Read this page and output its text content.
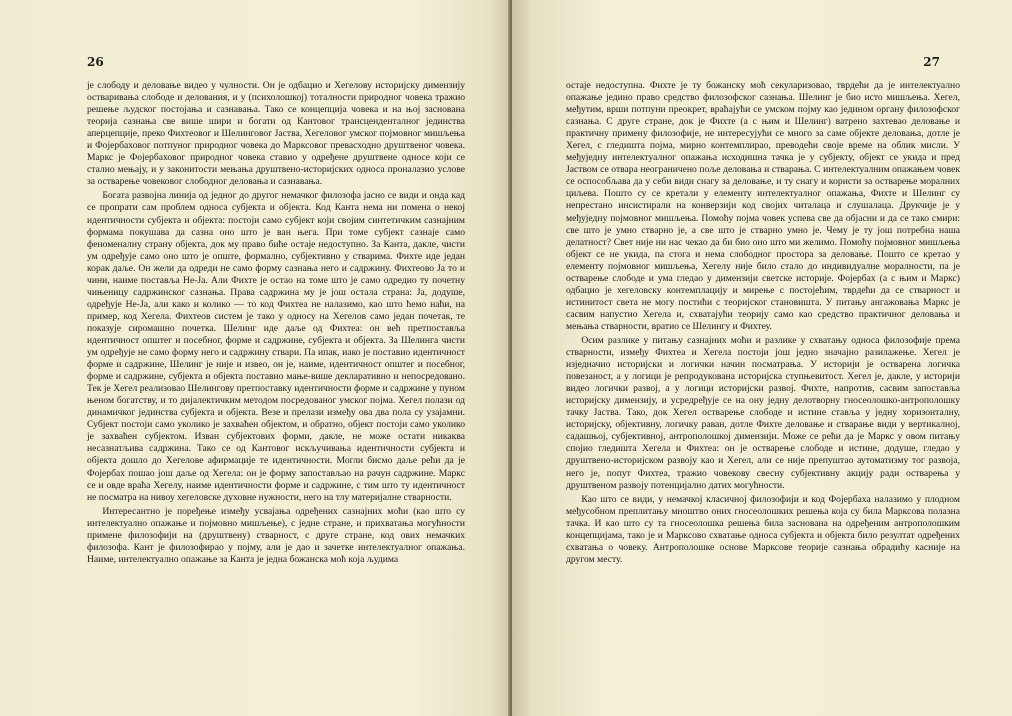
26

је слободу и деловање видео у чулности. Он је одбацио и Хегелову историјску димензију остваривања слободе и делования, и у (психолошкој) тоталности природног човека тражио решење људског постојања и сазнавања. Тако се концепција човека и на њој заснована теорија сазнања све више шири и богати од Кантовог трансценденталног јединства аперцепције, преко Фихтеовог и Шелинговог Јаства, Хегеловог умског појмовног мишљења и Фојербаховог потпуног природног човека до Марксовог превасходно друштвеног човека. Маркс је Фојербаховог природног човека ставио у одређене друштвене односе који се стално мењају, и у законитости мењања друштвено-историјских односа проналазио услове за остварење човековог слободног деловања и сазнавања.

Богата развојна линија од једног до другог немачког филозофа јасно се види и онда кад се пропрати сам проблем односа субјекта и објекта. Код Канта нема ни помена о некој идентичности субјекта и објекта: постоји само субјект који својим синтетичким сазнајним формама покушава да сазна оно што је ван њега. При томе субјект сазнаје само феноменалну страну објекта, док му право биће остаје недоступно. За Канта, дакле, чисти ум одређује само оно што је опште, формално, субјективно у стварима. Фихте иде један корак даље. Он жели да одреди не само форму сазнања него и садржину. Фихтеово Ја то и чини, наиме поставља Не-Ја. Али Фихте је остао на томе што је само одредио ту почетну чињеницу садржинског сазнања. Права садржина му је још остала страна: Ја, додуше, одређује Не-Ја, али како и колико — то код Фихтеа не налазимо, као што ћемо наћи, на пример, код Хегела. Фихтеов систем је тако у односу на Хегелов само један почетак, те показује сиромашно почетка. Шелинг иде даље од Фихтеа: он већ претпоставља идентичност општег и посебног, форме и садржине, субјекта и објекта. За Шелинга чисти ум одређује не само форму него и садржину ствари. Па ипак, иако је поставио идентичност форме и садржине, Шелинг је није и извео, он је, наиме, идентичност општег и посебног, форме и садржине, субјекта и објекта поставио мање-више декларативно и непосредовано. Тек је Хегел реализовао Шелингову претпоставку идентичности форме и садржине у пуном њеном богатству, и то дијалектичким методом посредованог умског појма. Хегел полази од динамичког јединства субјекта и објекта. Везе и прелази између ова два пола су узајамни. Субјект постоји само уколико је захваћен објектом, и обратно, објект постоји само уколико је захваћен субјектом. Изван субјектових форми, дакле, не може остати никаква несазнатљива садржина. Тако се од Кантовог искључивања идентичности субјекта и објекта дошло до Хегеловe афирмације те идентичности. Могли бисмо даље рећи да је Фојербах пошао још даље од Хегела: он је форму запостављао на рачун садржине. Маркс се и овде враћа Хегелу, наиме идентичности форме и садржине, с тим што ту идентичност не посматра на нивоу хегеловске духовне нужности, него на тлу материјалне стварности.

Интересантно је поређење између усвајања одређених сазнајних моћи (као што су интелектуално опажање и појмовно мишљење), с једне стране, и прихватања могућности примене филозофији на (друштвену) стварност, с друге стране, код ових немачких филозофа. Кант је филозофирао у појму, али је дао и зачетке интелектуалног опажања. Наиме, интелектуално опажање за Канта је једна божанска моћ која људима

27

остаје недоступна. Фихте је ту божанску моћ секуларизовао, тврдећи да је интелектуално опажање једино право средство филозофског сазнања. Шелинг је био исто мишљења. Хегел, међутим, врши потпуни преокрет, враћајући се умском појму као једином органу филозофског сазнања. С друге стране, док је Фихте (а с њим и Шелинг) ватрено захтевао деловање и практичну примену филозофије, не интересујући се много за саме објекте деловања, дотле је Хегел, с гледишта појма, мирно контемплирао, преводећи своје време на облик мисли. У међуједну интелектуалног опажања исходишна тачка је у субјекту, објект се укида и пред Јаством се отвара неограничено поље деловања и стварања. С интелектуалним опажањем човек се оспособљава да у себи види снагу за деловање, и ту снагу и користи за остварење моралних циљева. Пошто су се кретали у елементу интелектуалног опажања, Фихте и Шелинг су непрестано инсистирали на конверзији код својих читалаца и слушалаца. Друкчије је у међуједну појмовног мишљења. Помоћу појма човек успева све да објасни и да се тако смири: све што је умно стварно је, а све што је стварно умно је. Чему је ту још потребна наша делатност? Свет није ни нас чекао да би био оно што ми желимо. Помоћу појмовног мишљења објект се не укида, па стога и нема слободног простора за деловање. Пошто се кретао у елементу појмовног мишљења, Хегелу није било стало до индивидуалне моралности, па је остварење слободе и ума гледао у димензији светске историје. Фојербах (а с њим и Маркс) одбацио је хегеловску контемплацију и мирење с постојећим, тврдећи да се стварност и истинитост света не могу постићи с теоријског становишта. У питању ангажовања Маркс је сасвим напустио Хегела и, схватајући теорију само као средство практичног деловања и мењања стварности, вратио се Шелингу и Фихтеу.

Осим разлике у питању сазнајних моћи и разлике у схватању односа филозофије према стварности, између Фихтеа и Хегела постоји још једно значајно разилажење. Хегел је изједначио историјски и логички начин посматрања. У историји је остварена логичка повезаност, а у логици је репродукована историјска ступњевитост. Хегел је, дакле, у историји видео логички развој, а у логици историјски развој. Фихте, напротив, сасвим запоставља историјску димензију, и усредређује се на ону једну делотворну гносеолошко-антрополошку тачку Јаства. Тако, док Хегел остварење слободе и истине ставља у једну хоризонталну, историјску, објективну, логичку раван, дотле Фихте деловање и стварање види у вертикалној, садашњој, субјективној, антрополошкој димензији. Може се рећи да је Маркс у овом питању спојио гледишта Хегела и Фихтеа: он је остварење слободе и истине, додуше, гледао у друштвено-историјском развоју као и Хегел, али се није препуштао аутоматизму тог развоја, него је, попут Фихтеа, тражио човекову свесну субјективну акцију ради остварења у друштвеном развоју потенцијално датих могућности.

Као што се види, у немачкој класичној филозофији и код Фојербаха налазимо у плодном међусобном преплитању мноштво оних гносеолошких решења која су била Марксова полазна тачка. И као што су та гносеолошка решења била заснована на одређеним антрополошким концепцијама, тако је и Марксово схватање односа субјекта и објекта било резултат одређених схватања о човеку. Антрополошке основе Марксове теорије сазнања обрадићу касније на другом месту.
